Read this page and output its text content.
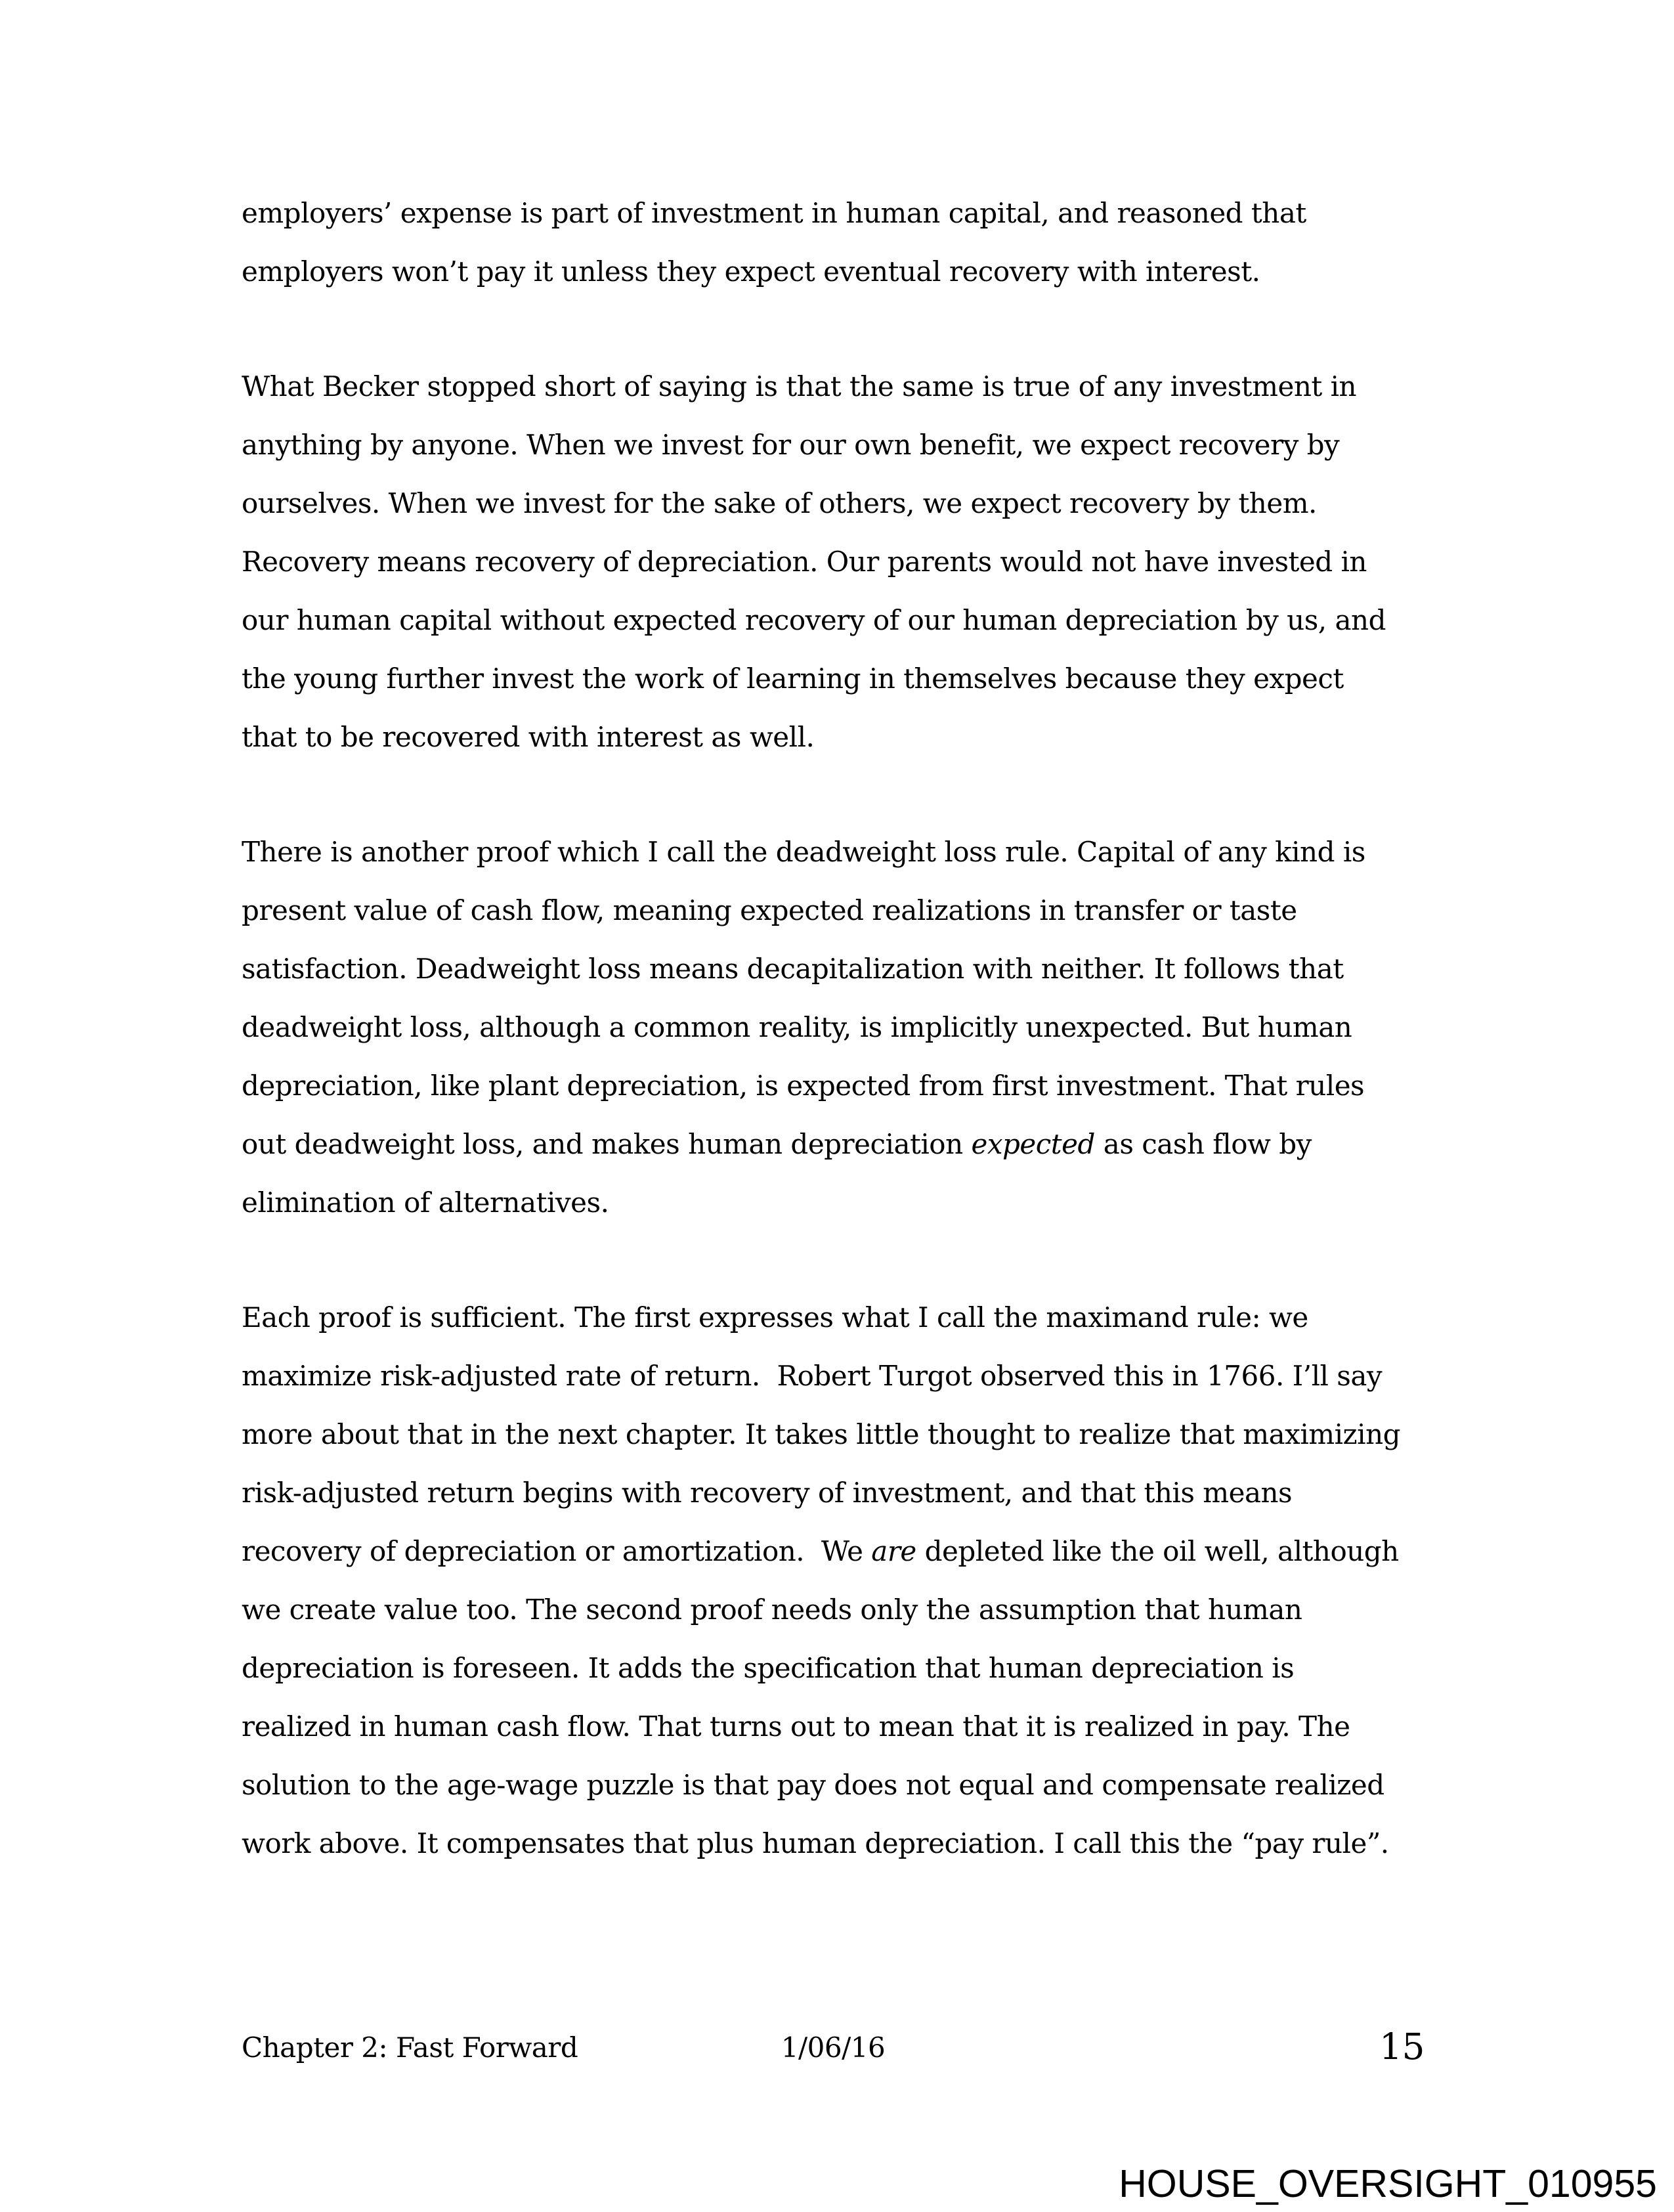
employers’ expense is part of investment in human capital, and reasoned that
employers won’t pay it unless they expect eventual recovery with interest.
What Becker stopped short of saying is that the same is true of any investment in
anything by anyone. When we invest for our own benefit, we expect recovery by
ourselves. When we invest for the sake of others, we expect recovery by them.
Recovery means recovery of depreciation. Our parents would not have invested in
our human capital without expected recovery of our human depreciation by us, and
the young further invest the work of learning in themselves because they expect
that to be recovered with interest as well.
There is another proof which I call the deadweight loss rule. Capital of any kind is
present value of cash flow, meaning expected realizations in transfer or taste
satisfaction. Deadweight loss means decapitalization with neither. It follows that
deadweight loss, although a common reality, is implicitly unexpected. But human
depreciation, like plant depreciation, is expected from first investment. That rules
out deadweight loss, and makes human depreciation expected as cash flow by
elimination of alternatives.
Each proof is sufficient. The first expresses what I call the maximand rule: we
maximize risk-adjusted rate of return.  Robert Turgot observed this in 1766. I’ll say
more about that in the next chapter. It takes little thought to realize that maximizing
risk-adjusted return begins with recovery of investment, and that this means
recovery of depreciation or amortization.  We are depleted like the oil well, although
we create value too. The second proof needs only the assumption that human
depreciation is foreseen. It adds the specification that human depreciation is
realized in human cash flow. That turns out to mean that it is realized in pay. The
solution to the age-wage puzzle is that pay does not equal and compensate realized
work above. It compensates that plus human depreciation. I call this the “pay rule”.
Chapter 2: Fast Forward	1/06/16	15
HOUSE_OVERSIGHT_010955
